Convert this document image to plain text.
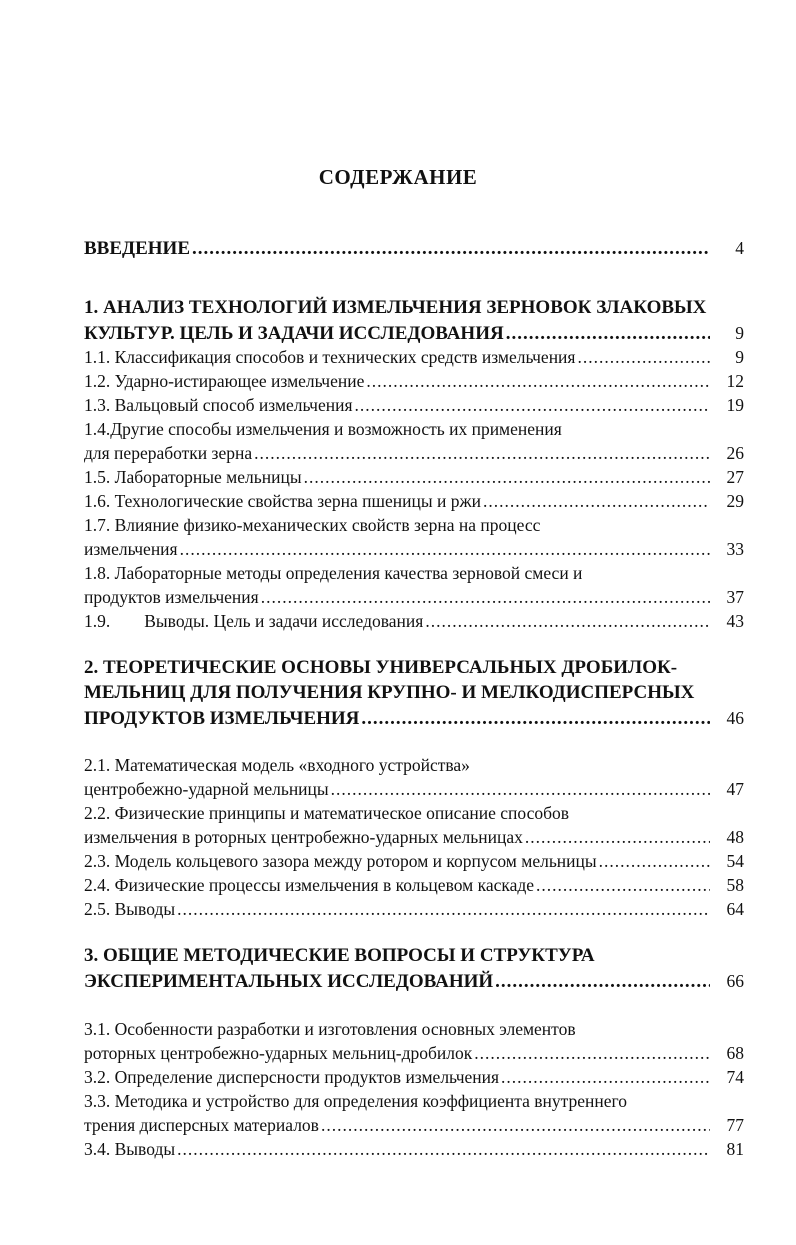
СОДЕРЖАНИЕ
ВВЕДЕНИЕ .....	4
1. АНАЛИЗ ТЕХНОЛОГИЙ ИЗМЕЛЬЧЕНИЯ ЗЕРНОВОК ЗЛАКОВЫХ
КУЛЬТУР. ЦЕЛЬ И ЗАДАЧИ ИССЛЕДОВАНИЯ .....	9
1.1. Классификация способов и технических средств измельчения .....	9
1.2. Ударно-истирающее измельчение .....	12
1.3. Вальцовый способ измельчения .....	19
1.4.Другие способы измельчения и возможность их применения
для переработки зерна .....	26
1.5. Лабораторные мельницы .....	27
1.6. Технологические свойства зерна пшеницы и ржи .....	29
1.7. Влияние физико-механических свойств зерна на процесс
измельчения .....	33
1.8. Лабораторные методы определения качества зерновой смеси и
продуктов измельчения .....	37
1.9. Выводы. Цель и задачи исследования .....	43
2. ТЕОРЕТИЧЕСКИЕ ОСНОВЫ УНИВЕРСАЛЬНЫХ ДРОБИЛОК-
МЕЛЬНИЦ ДЛЯ ПОЛУЧЕНИЯ КРУПНО- И МЕЛКОДИСПЕРСНЫХ
ПРОДУКТОВ ИЗМЕЛЬЧЕНИЯ .....	46
2.1. Математическая модель «входного устройства»
центробежно-ударной мельницы .....	47
2.2. Физические принципы и математическое описание способов
измельчения в роторных центробежно-ударных мельницах .....	48
2.3. Модель кольцевого зазора между ротором и корпусом мельницы .....	54
2.4. Физические процессы измельчения в кольцевом каскаде .....	58
2.5. Выводы .....	64
3. ОБЩИЕ МЕТОДИЧЕСКИЕ ВОПРОСЫ И СТРУКТУРА
ЭКСПЕРИМЕНТАЛЬНЫХ ИССЛЕДОВАНИЙ .....	66
3.1. Особенности разработки и изготовления основных элементов
роторных центробежно-ударных мельниц-дробилок .....	68
3.2. Определение дисперсности продуктов измельчения .....	74
3.3. Методика и устройство для определения коэффициента внутреннего
трения дисперсных материалов .....	77
3.4. Выводы .....	81
